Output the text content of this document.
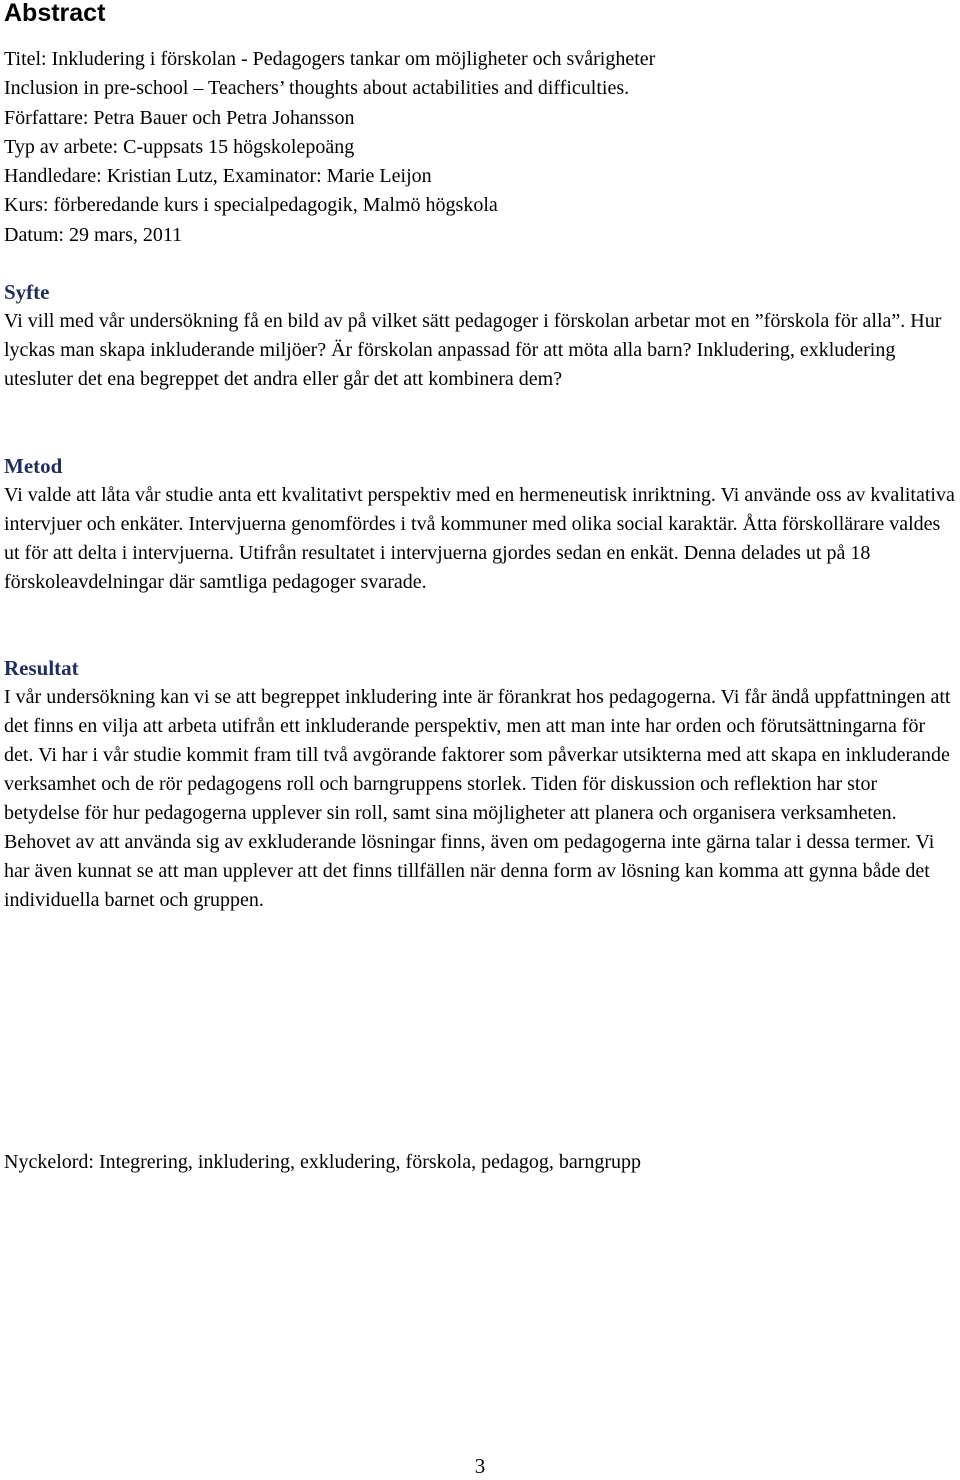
Abstract
Titel: Inkludering i förskolan - Pedagogers tankar om möjligheter och svårigheter
Inclusion in pre-school – Teachers’ thoughts about actabilities and difficulties.
Författare: Petra Bauer och Petra Johansson
Typ av arbete: C-uppsats 15 högskolepoäng
Handledare: Kristian Lutz, Examinator: Marie Leijon
Kurs: förberedande kurs i specialpedagogik, Malmö högskola
Datum: 29 mars, 2011
Syfte
Vi vill med vår undersökning få en bild av på vilket sätt pedagoger i förskolan arbetar mot en ”förskola för alla”. Hur lyckas man skapa inkluderande miljöer? Är förskolan anpassad för att möta alla barn? Inkludering, exkludering utesluter det ena begreppet det andra eller går det att kombinera dem?
Metod
Vi valde att låta vår studie anta ett kvalitativt perspektiv med en hermeneutisk inriktning. Vi använde oss av kvalitativa intervjuer och enkäter. Intervjuerna genomfördes i två kommuner med olika social karaktär. Åtta förskollärare valdes ut för att delta i intervjuerna. Utifrån resultatet i intervjuerna gjordes sedan en enkät. Denna delades ut på 18 förskoleavdelningar där samtliga pedagoger svarade.
Resultat
I vår undersökning kan vi se att begreppet inkludering inte är förankrat hos pedagogerna. Vi får ändå uppfattningen att det finns en vilja att arbeta utifrån ett inkluderande perspektiv, men att man inte har orden och förutsättningarna för det. Vi har i vår studie kommit fram till två avgörande faktorer som påverkar utsikterna med att skapa en inkluderande verksamhet och de rör pedagogens roll och barngruppens storlek. Tiden för diskussion och reflektion har stor betydelse för hur pedagogerna upplever sin roll, samt sina möjligheter att planera och organisera verksamheten. Behovet av att använda sig av exkluderande lösningar finns, även om pedagogerna inte gärna talar i dessa termer. Vi har även kunnat se att man upplever att det finns tillfällen när denna form av lösning kan komma att gynna både det individuella barnet och gruppen.
Nyckelord: Integrering, inkludering, exkludering, förskola, pedagog, barngrupp
3
